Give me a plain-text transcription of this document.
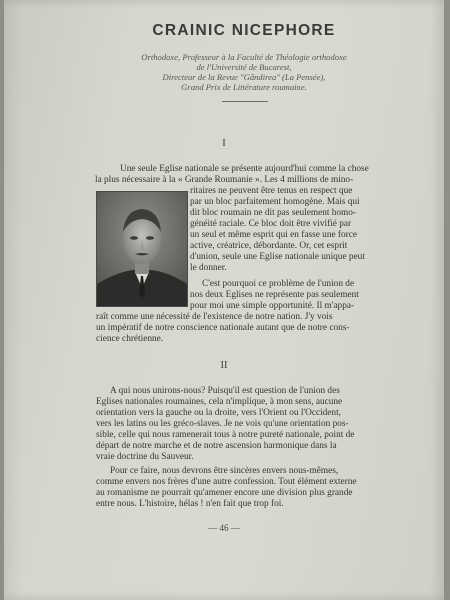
CRAINIC NICEPHORE
Orthodoxe, Professeur à la Faculté de Théologie orthodoxe
de l'Université de Bucarest,
Directeur de la Revue "Gândirea" (La Pensée),
Grand Prix de Littérature roumaine.
I
Une seule Eglise nationale se présente aujourd'hui comme la chose
la plus nécessaire à la « Grande Roumanie ». Les 4 millions de mino-
ritaires ne peuvent être tenus en respect que
par un bloc parfaitement homogène. Mais qui
dit bloc roumain ne dit pas seulement homo-
généité raciale. Ce bloc doit être vivifié par
un seul et même esprit qui en fasse une force
active, créatrice, débordante. Or, cet esprit
d'union, seule une Eglise nationale unique peut
le donner.
C'est pourquoi ce problème de l'union de
nos deux Eglises ne représente pas seulement
pour moi une simple opportunité. Il m'appa-
raît comme une nécessité de l'existence de notre nation. J'y vois
un impératif de notre conscience nationale autant que de notre cons-
cience chrétienne.
II
A qui nous unirons-nous? Puisqu'il est question de l'union des
Eglises nationales roumaines, cela n'implique, à mon sens, aucune
orientation vers la gauche ou la droite, vers l'Orient ou l'Occident,
vers les latins ou les gréco-slaves. Je ne vois qu'une orientation pos-
sible, celle qui nous ramenerait tous à notre pureté nationale, point de
départ de notre marche et de notre ascension harmonique dans la
vraie doctrine du Sauveur.
Pour ce faire, nous devrons être sincères envers nous-mêmes,
comme envers nos frères d'une autre confession. Tout élément externe
au romanisme ne pourrait qu'amener encore une division plus grande
entre nous. L'histoire, hélas ! n'en fait que trop foi.
— 46 —
